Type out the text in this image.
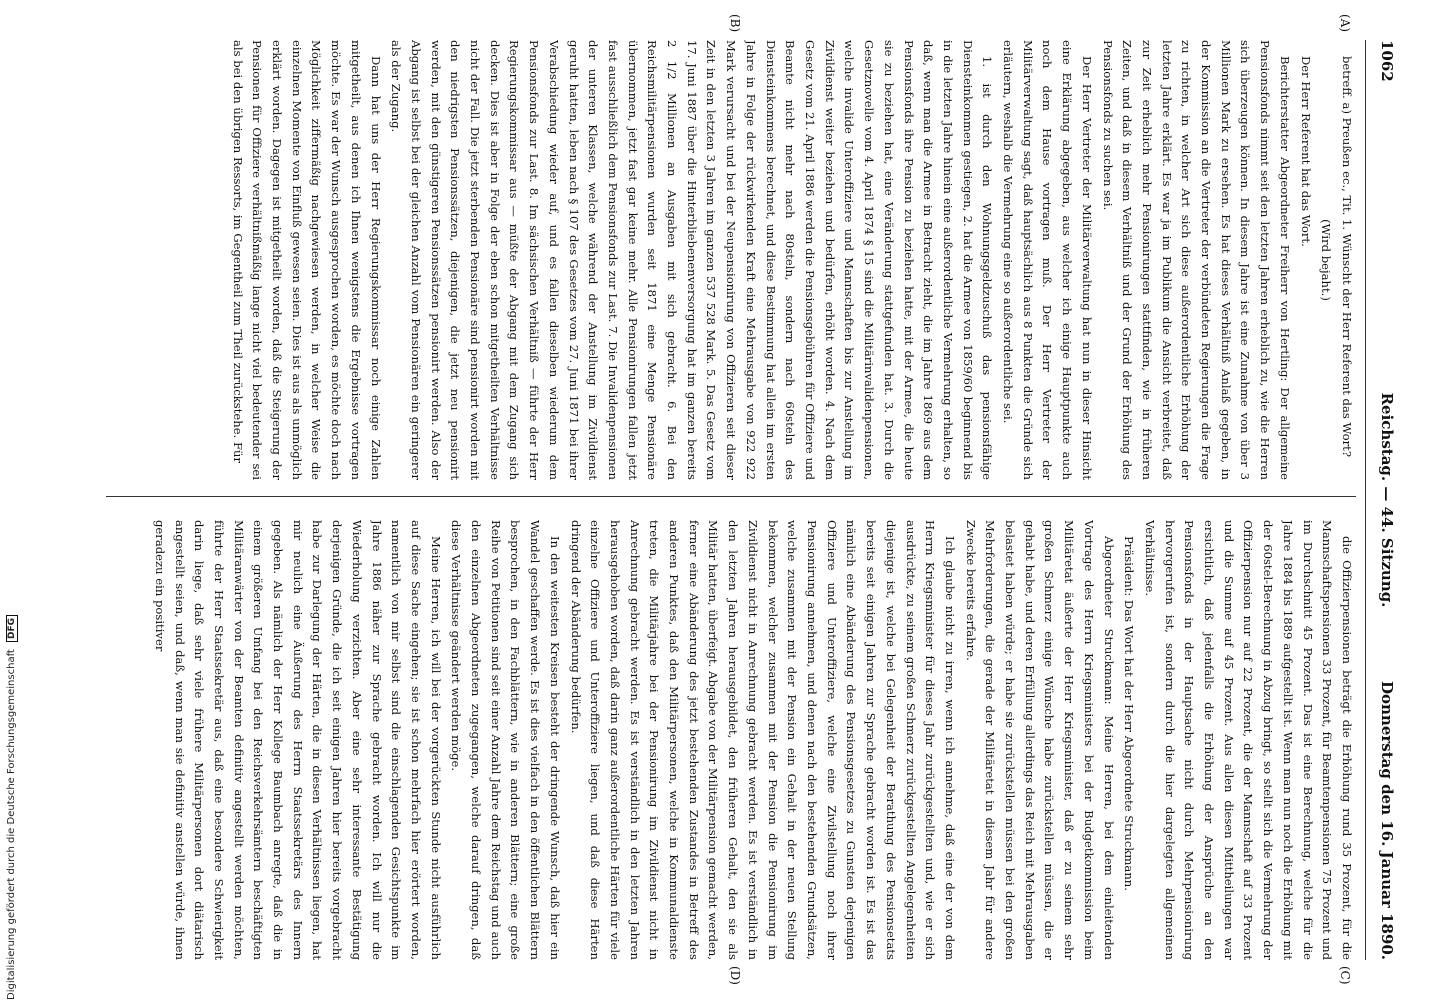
1062
Reichstag. — 44. Sitzung.
Donnerstag den 16. Januar 1890.
(A)
(B)
(C)
(D)

betreff. a) Preußen ec., Tit. 1. Wünscht der Herr Referent das Wort?

(Wird bejaht.)

Der Herr Referent hat das Wort.

Berichterstatter Abgeordneter Freiherr von Hertling: Der allgemeine Pensionsfonds nimmt seit den letzten Jahren erheblich zu, wie die Herren sich überzeugen können. In diesem Jahre ist eine Zunahme von über 3 Millionen Mark zu ersehen. Es hat dieses Verhältniß Anlaß gegeben, in der Kommission an die Vertreter der verbündeten Regierungen die Frage zu richten, in welcher Art sich diese außerordentliche Erhöhung der letzten Jahre erklärt. Es war ja im Publikum die Ansicht verbreitet, daß zur Zeit erheblich mehr Pensionirungen stattfinden, wie in früheren Zeiten, und daß in diesem Verhältniß und der Grund der Erhöhung des Pensionsfonds zu suchen sei.

Der Herr Vertreter der Militärverwaltung hat nun in dieser Hinsicht eine Erklärung abgegeben, aus welcher ich einige Hauptpunkte auch noch dem Hause vortragen muß. Der Herr Vertreter der Militärverwaltung sagt, daß hauptsächlich aus 8 Punkten die Gründe sich erläutern, weshalb die Vermehrung eine so außerordentliche sei.

1. ist durch den Wohnungsgeldzuschuß das pensionsfähige Diensteinkommen gestiegen, 2. hat die Armee von 1859/60 beginnend bis in die letzten Jahre hinein eine außerordentliche Vermehrung erhalten, so daß, wenn man die Armee in Betracht zieht, die im Jahre 1869 aus dem Pensionsfonds ihre Pension zu beziehen hatte, mit der Armee, die heute sie zu beziehen hat, eine Veränderung stattgefunden hat. 3. Durch die Gesetznovelle vom 4. April 1874 § 15 sind die Militärinvalidenpensionen, welche invalide Unteroffiziere und Mannschaften bis zur Anstellung im Zivildienst weiter beziehen und bedürfen, erhöht worden. 4. Nach dem Gesetz vom 21. April 1886 werden die Pensionsgebühren für Offiziere und Beamte nicht mehr nach 80steln, sondern nach 60steln des Diensteinkommens berechnet, und diese Bestimmung hat allein im ersten Jahre in Folge der rückwirkenden Kraft eine Mehrausgabe von 922 922 Mark verursacht und bei der Neupensionirung von Offizieren seit dieser Zeit in den letzten 3 Jahren im ganzen 537 528 Mark. 5. Das Gesetz vom 17. Juni 1887 über die Hinterbliebenenversorgung hat im ganzen bereits 2 1/2 Millionen an Ausgaben mit sich gebracht. 6. Bei den Reichsmilitärpensionen wurden seit 1871 eine Menge Pensionäre übernommen, jetzt fast gar keine mehr. Alle Pensionirungen fallen jetzt fast ausschließlich dem Pensionsfonds zur Last. 7. Die Invalidenpensionen der unteren Klassen, welche während der Anstellung im Zivildienst geruht hatten, leben nach § 107 des Gesetzes vom 27. Juni 1871 bei ihrer Verabschiedung wieder auf, und es fallen dieselben wiederum dem Pensionsfonds zur Last. 8. Im sächsischen Verhältniß — führte der Herr Regierungskommissar aus — müßte der Abgang mit dem Zugang sich decken. Dies ist aber in Folge der eben schon mitgetheilten Verhältnisse nicht der Fall. Die jetzt sterbenden Pensionäre sind pensionirt worden mit den niedrigsten Pensionssätzen, diejenigen, die jetzt neu pensionirt werden, mit den günstigeren Pensionssätzen pensionirt werden. Also der Abgang ist selbst bei der gleichen Anzahl vom Pensionären ein geringerer als der Zugang.

Dann hat uns der Herr Regierungskommissar noch einige Zahlen mitgetheilt, aus denen ich Ihnen wenigstens die Ergebnisse vortragen möchte. Es war der Wunsch ausgesprochen worden, es möchte doch nach Möglichkeit ziffermäßig nachgewiesen werden, in welcher Weise die einzelnen Momente von Einfluß gewesen seien. Dies ist aus als unmöglich erklärt worden. Dagegen ist mitgetheilt worden, daß die Steigerung der Pensionen für Offiziere verhältnißmäßig lange nicht viel bedeutender sei als bei den übrigen Ressorts, im Gegentheil zum Theil zurückstehe. Für

die Offizierpensionen beträgt die Erhöhung rund 35 Prozent, für die Mannschaftspensionen 33 Prozent, für Beamtenpensionen 75 Prozent und im Durchschnitt 45 Prozent. Das ist eine Berechnung, welche für die Jahre 1884 bis 1889 aufgestellt ist. Wenn man nun noch die Erhöhung mit der 60stel-Berechnung in Abzug bringt, so stellt sich die Vermehrung der Offizierpension nur auf 22 Prozent, die der Mannschaft auf 33 Prozent und die Summe auf 45 Prozent. Aus allen diesen Mittheilungen war ersichtlich, daß jedenfalls die Erhöhung der Ansprüche an den Pensionsfonds in der Hauptsache nicht durch Mehrpensionirung hervorgerufen ist, sondern durch die hier dargelegten allgemeinen Verhältnisse.

Präsident: Das Wort hat der Herr Abgeordnete Struckmann.

Abgeordneter Struckmann: Meine Herren, bei dem einleitenden Vortrage des Herrn Kriegsministers bei der Budgetkommission beim Militäretat äußerte der Herr Kriegsminister, daß er zu seinem sehr großen Schmerz einige Wünsche habe zurückstellen müssen, die er gehabt habe, und deren Erfüllung allerdings das Reich mit Mehrausgaben belastet haben würde; er habe sie zurückstellen müssen bei den großen Mehrforderungen, die gerade der Militäretat in diesem Jahr für andere Zwecke bereits erfahre.

Ich glaube nicht zu irren, wenn ich annehme, daß eine der von dem Herrn Kriegsminister für dieses Jahr zurückgestellten und, wie er sich ausdrückte, zu seinem großen Schmerz zurückgestellten Angelegenheiten diejenige ist, welche bei Gelegenheit der Berathung des Pensionsetats bereits seit einigen Jahren zur Sprache gebracht worden ist. Es ist das nämlich eine Abänderung des Pensionsgesetzes zu Gunsten derjenigen Offiziere und Unteroffiziere, welche eine Zivilstellung noch ihrer Pensionirung annehmen, und denen nach den bestehenden Grundsätzen, welche zusammen mit der Pension ein Gehalt in der neuen Stellung bekommen, welcher zusammen mit der Pension die Pensionirung im Zivildienst nicht in Anrechnung gebracht werden. Es ist verständlich in den letzten Jahren herausgebildet, den früheren Gehalt, den sie als Militär hatten, überfeigt. Abgabe von der Militärpension gemacht werden, ferner eine Abänderung des jetzt bestehenden Zustandes in Betreff des anderen Punktes, daß den Militärpersonen, welche in Kommunaldienste treten, die Militärjahre bei der Pensionirung im Zivildienst nicht in Anrechnung gebracht werden. Es ist verständlich in den letzten Jahren herausgehoben worden, daß darin ganz außerordentliche Härten für viele einzelne Offiziere und Unteroffiziere liegen, und daß diese Härten dringend der Abänderung bedürfen.

In den weitesten Kreisen besteht der dringende Wunsch, daß hier ein Wandel geschaffen werde. Es ist dies vielfach in den öffentlichen Blättern besprochen, in den Fachblättern, wie in anderen Blättern; eine große Reihe von Petitionen sind seit einer Anzahl Jahre dem Reichstag und auch den einzelnen Abgeordneten zugegangen, welche darauf dringen, daß diese Verhältnisse geändert werden möge.

Meine Herren, ich will bei der vorgerückten Stunde nicht ausführlich auf diese Sache eingehen; sie ist schon mehrfach hier erörtert worden, namentlich von mir selbst sind die einschlagenden Gesichtspunkte im Jahre 1886 näher zur Sprache gebracht worden. Ich will nur die Wiederholung verzichten. Aber eine sehr interessante Bestätigung derjenigen Gründe, die ich seit einigen Jahren hier bereits vorgebracht habe zur Darlegung der Härten, die in diesen Verhältnissen liegen, hat mir neulich eine Äußerung des Herrn Staatssekretärs des Innern gegeben. Als nämlich der Herr Kollege Baumbach anregte, daß die in einem größeren Umfang bei den Reichsverkehrsämtern beschäftigten Militäranwärter von der Beamten definitiv angestellt werden möchten, führte der Herr Staatssekretär aus, daß eine besondere Schwierigkeit darin liege, daß sehr viele frühere Militärpersonen dort diätarisch angestellt seien, und daß, wenn man sie definitiv anstellen würde, ihnen geradezu ein positiver

Digitalisierung gefördert durch die Deutsche Forschungsgemeinschaft DFG
